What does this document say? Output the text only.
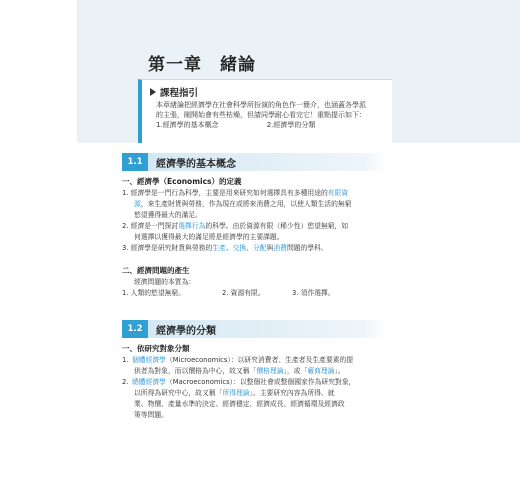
第一章　緒論
課程指引
本章緒論把經濟學在社會科學所扮演的角色作一簡介，也涵蓋各學派
的主張，剛開始會有些枯燥，但請同學耐心看完它！重點提示如下：
1.經濟學的基本概念	2.經濟學的分類
1.1	經濟學的基本概念
一、經濟學（Economics）的定義
1. 經濟學是一門行為科學，主要是用來研究如何選擇具有多種用途的有限資
源，來生產財貨與勞務，作為現在或將來消費之用，以使人類生活的無窮
慾望獲得最大的滿足。
2. 經濟是一門探討選擇行為的科學。由於資源有限（稀少性）慾望無窮，如
何選擇以獲得最大的滿足將是經濟學的主要課題。
3. 經濟學是研究財貨與勞務的生產、交換、分配與消費問題的學科。
二、經濟問題的產生
經濟問題的本質為：
1. 人類的慾望無窮。	2. 資源有限。	3. 須作選擇。
1.2	經濟學的分類
一、依研究對象分類
1. 個體經濟學（Microeconomics）：以研究消費者、生產者及生產要素的提
供者為對象，而以價格為中心，故又稱「價格理論」，或「廠商理論」。
2. 總體經濟學（Macroeconomics）：以整個社會或整個國家作為研究對象，
以所得為研究中心，故又稱「所得理論」。主要研究內容為所得、就
業、物價、產量水準的決定、經濟穩定、經濟成長、經濟循環及經濟政
策等問題。
